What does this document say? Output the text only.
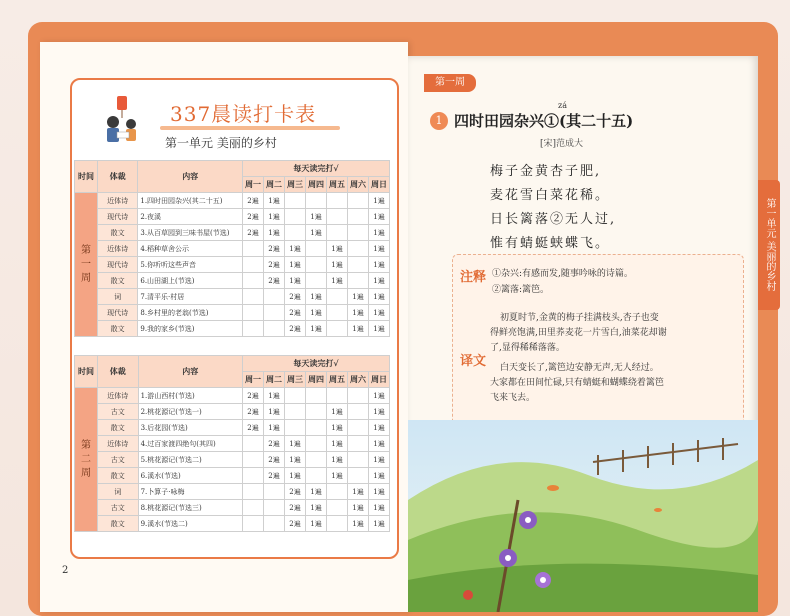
第一单元 美丽的乡村
337晨读打卡表
第一单元 美丽的乡村
时间	体裁	内容	每天读完打√						
			周一	周二	周三	周四	周五	周六	周日
第一周	近体诗	1.四时田园杂兴(其二十五)	2遍	1遍					1遍
	现代诗	2.夜溪	2遍	1遍		1遍			1遍
	散文	3.从百草园到三味书屋(节选)	2遍	1遍		1遍			1遍
	近体诗	4.稻种草舍公示		2遍	1遍		1遍		1遍
	现代诗	5.你听听这些声音		2遍	1遍		1遍		1遍
	散文	6.山田湖上(节选)		2遍	1遍		1遍		1遍
	词	7.清平乐·村居			2遍	1遍		1遍	1遍
	现代诗	8.乡村里的老翁(节选)			2遍	1遍		1遍	1遍
	散文	9.我的家乡(节选)			2遍	1遍		1遍	1遍
时间	体裁	内容	每天读完打√						
			周一	周二	周三	周四	周五	周六	周日
第二周	近体诗	1.游山西村(节选)	2遍	1遍					1遍
	古文	2.桃花源记(节选一)	2遍	1遍			1遍		1遍
	散文	3.后花园(节选)	2遍	1遍			1遍		1遍
	近体诗	4.过百家渡四绝句(其四)		2遍	1遍		1遍		1遍
	古文	5.桃花源记(节选二)		2遍	1遍		1遍		1遍
	散文	6.溪水(节选)		2遍	1遍		1遍		1遍
	词	7.卜算子·咏梅			2遍	1遍		1遍	1遍
	古文	8.桃花源记(节选三)			2遍	1遍		1遍	1遍
	散文	9.溪水(节选二)			2遍	1遍		1遍	1遍
2
第一周
1
zá
四时田园杂兴①(其二十五)
[宋]范成大
梅子金黄杏子肥,
麦花雪白菜花稀。
日长篱落②无人过,
惟有蜻蜓蛱蝶飞。
注释 ①杂兴:有感而发,随事吟咏的诗篇。
②篱落:篱笆。
译文
初夏时节,金黄的梅子挂满枝头,杏子也变
得鲜亮饱满,田里荞麦花一片雪白,油菜花却谢
了,显得稀稀落落。
白天变长了,篱笆边安静无声,无人经过。
大家都在田间忙碌,只有蜻蜓和蝴蝶绕着篱笆
飞来飞去。
